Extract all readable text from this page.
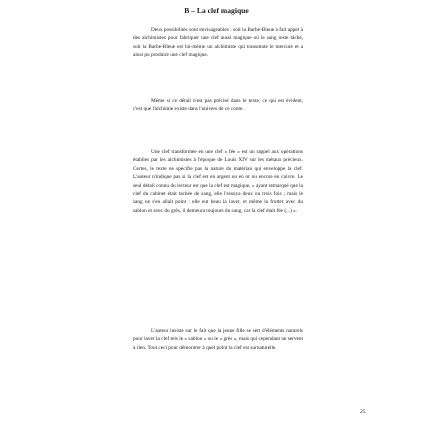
B – La clef magique

Deux possibilités sont envisageables : soit la Barbe-Bleue a fait appel à des alchimistes pour fabriquer une clef aussi magique où le sang reste tâché, soit la Barbe-Bleue est lui-même un alchimiste qui transmute le mercure et a ainsi pu produire une clef magique.

Même si ce détail n'est pas précisé dans le texte, ce qui est évident, c'est que l'alchimie existe dans l'univers de ce conte.

Une clef transformée en une clef « fée » est un rappel aux opérations établies par les alchimistes à l'époque de Louis XIV sur les métaux précieux. Certes, le texte ne spécifie pas la nature du matériau qui enveloppe la clef. L'auteur n'indique pas si la clef est en argent ou en or ou encore en cuivre. Le seul détail connu du lecteur est que la clef est magique, « ayant remarqué que la clef du cabinet était tachée de sang, elle l'essuya deux ou trois fois ; mais le sang ne s'en allait point : elle eut beau la laver, et même la frotter avec du sablon et avec du grès, il demeura toujours du sang, car la clef était fée (...) ».

L'auteur insiste sur le fait que la jeune fille se sert d'éléments naturels pour laver la clef tels le « sablon » ou le « grès », mais qui cependant ne servent à rien. Tout ceci pour démontrer à quel point la clef est surnaturelle.

25
